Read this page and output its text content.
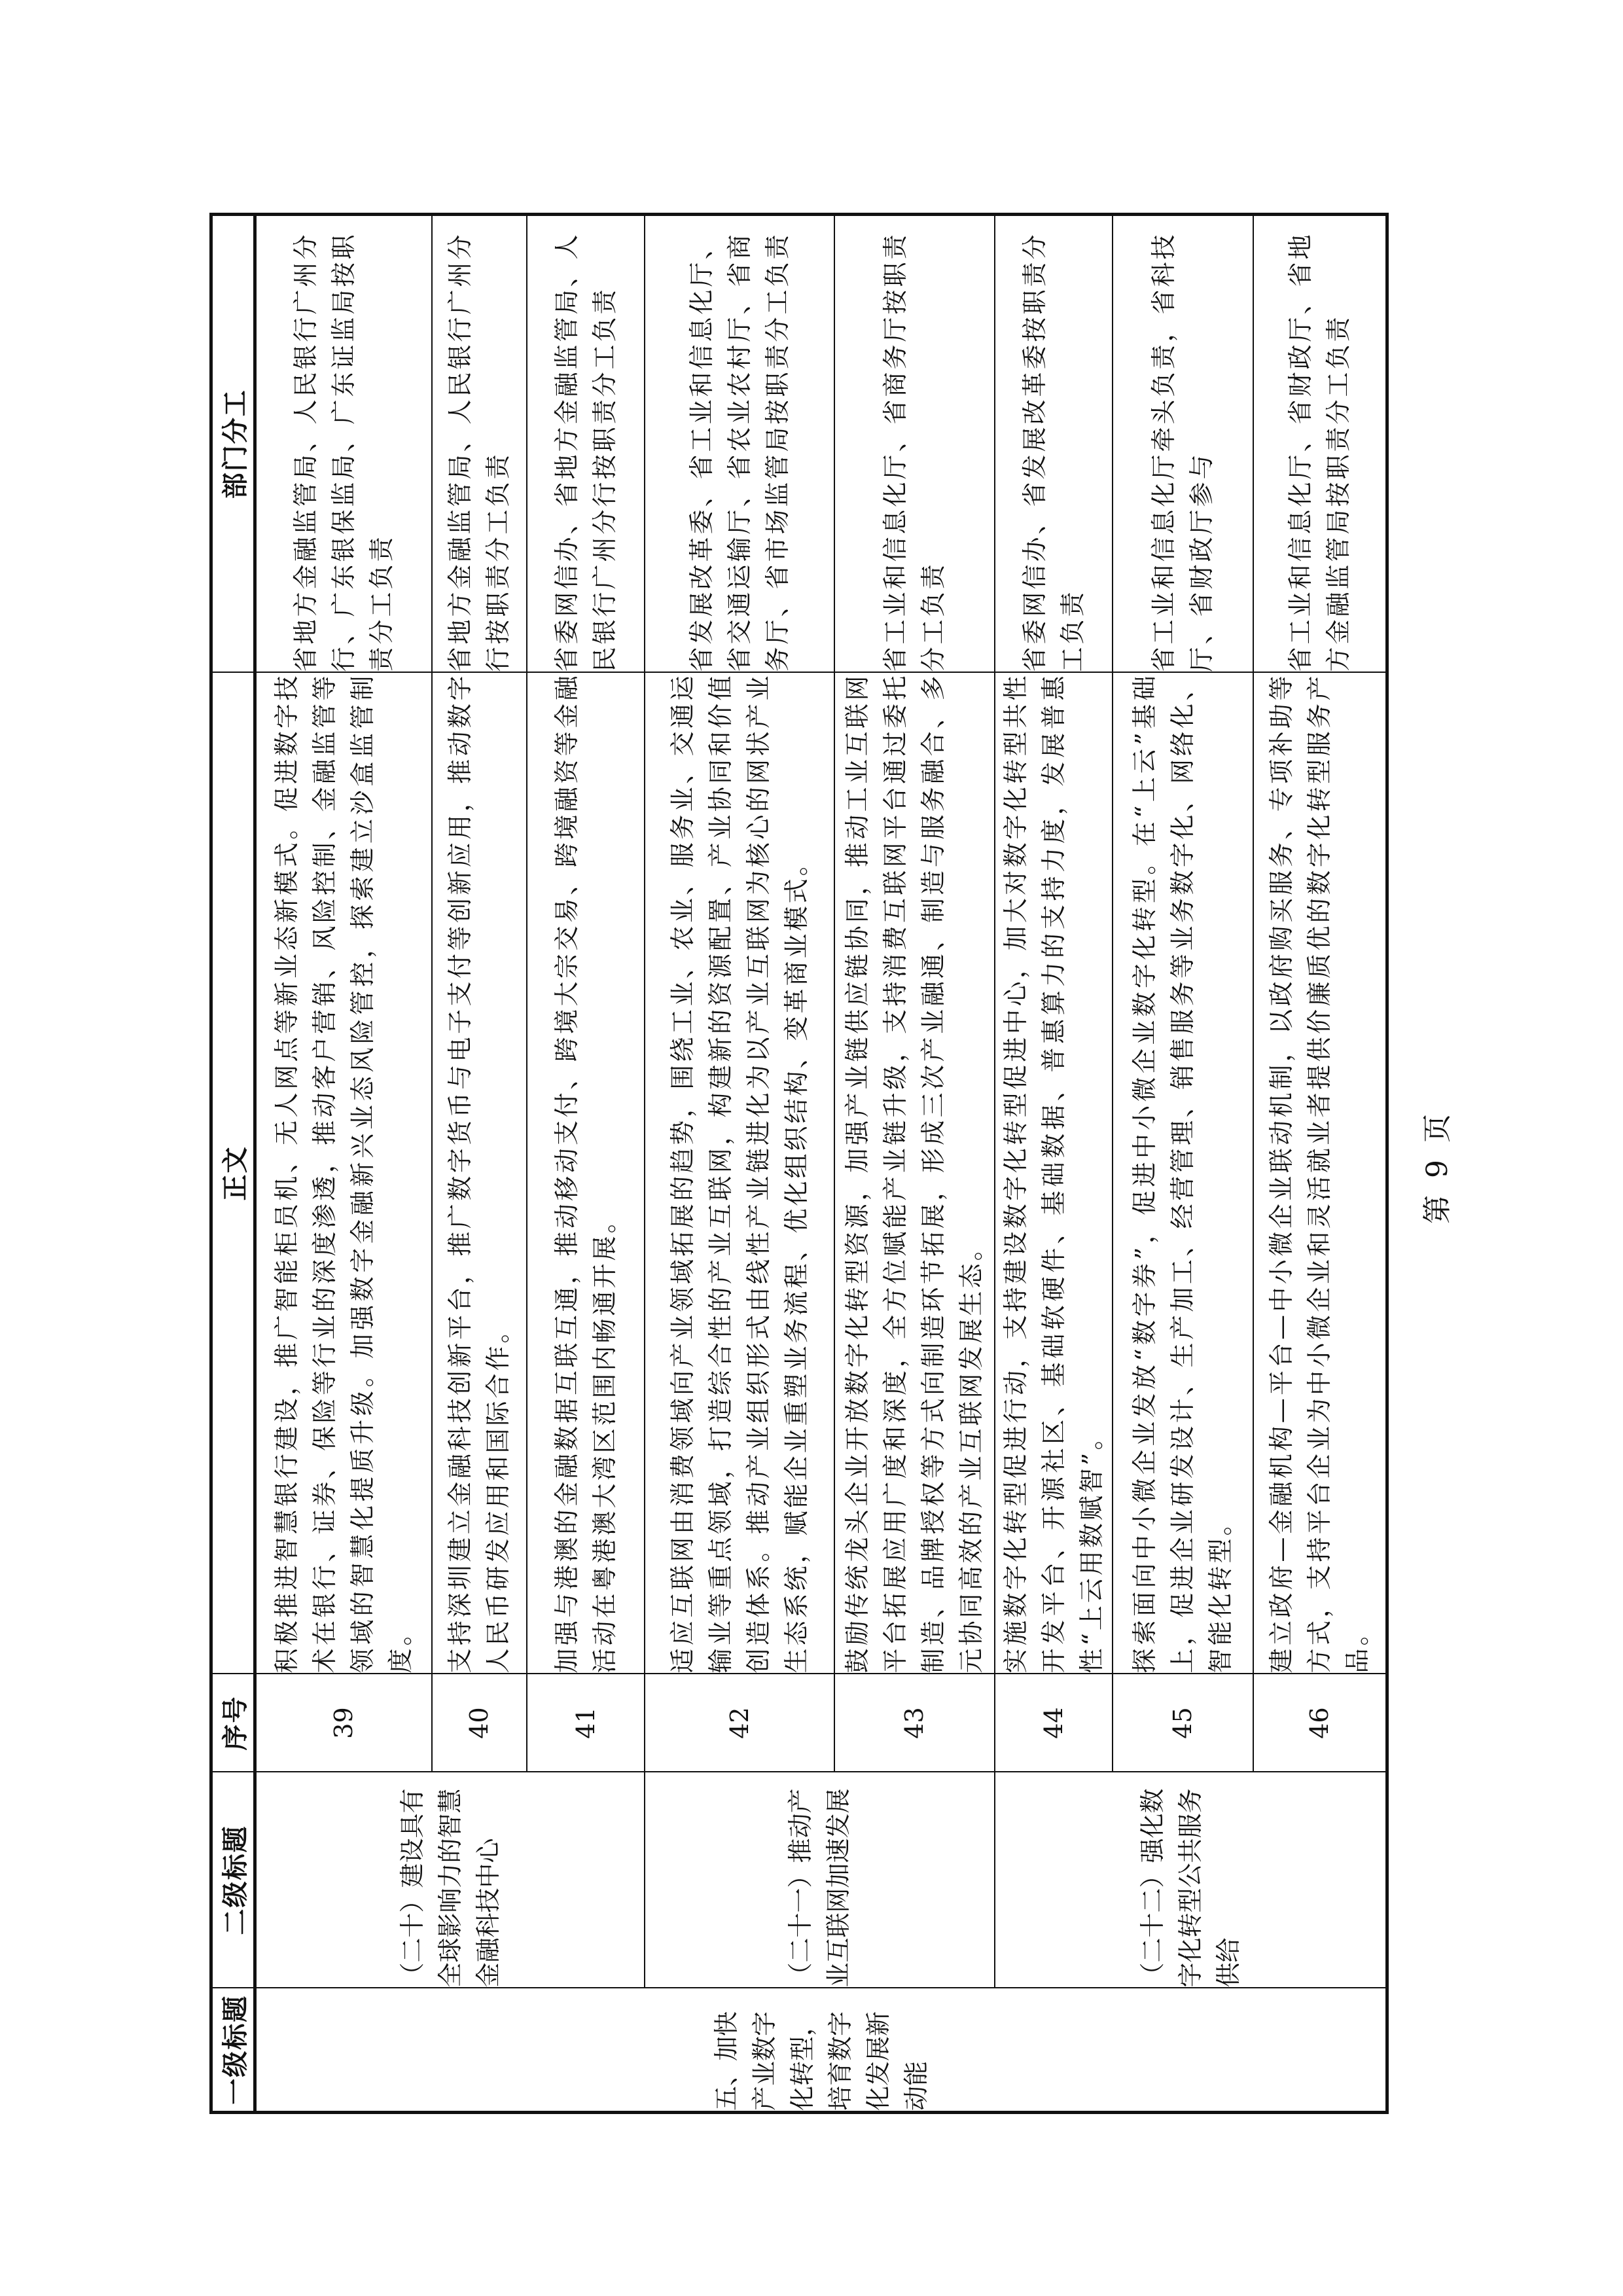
一级标题	二级标题	序号	正文	部门分工
五、加快产业数字化转型，培育数字化发展新动能	（二十）建设具有全球影响力的智慧金融科技中心	39	积极推进智慧银行建设，推广智能柜员机、无人网点等新业态新模式。促进数字技术在银行、证券、保险等行业的深度渗透，推动客户营销、风险控制、金融监管等领域的智慧化提质升级。加强数字金融新兴业态风险管控，探索建立沙盒监管制度。	省地方金融监管局、人民银行广州分行、广东银保监局、广东证监局按职责分工负责
		40	支持深圳建立金融科技创新平台，推广数字货币与电子支付等创新应用，推动数字人民币研发应用和国际合作。	省地方金融监管局、人民银行广州分行按职责分工负责
		41	加强与港澳的金融数据互联互通，推动移动支付、跨境大宗交易、跨境融资等金融活动在粤港澳大湾区范围内畅通开展。	省委网信办、省地方金融监管局、人民银行广州分行按职责分工负责
	（二十一）推动产业互联网加速发展	42	适应互联网由消费领域向产业领域拓展的趋势，围绕工业、农业、服务业、交通运输业等重点领域，打造综合性的产业互联网，构建新的资源配置、产业协同和价值创造体系。推动产业组织形式由线性产业链进化为以产业互联网为核心的网状产业生态系统，赋能企业重塑业务流程、优化组织结构、变革商业模式。	省发展改革委、省工业和信息化厅、省交通运输厅、省农业农村厅、省商务厅、省市场监管局按职责分工负责
		43	鼓励传统龙头企业开放数字化转型资源，加强产业链供应链协同，推动工业互联网平台拓展应用广度和深度，全方位赋能产业链升级，支持消费互联网平台通过委托制造、品牌授权等方式向制造环节拓展，形成三次产业融通、制造与服务融合、多元协同高效的产业互联网发展生态。	省工业和信息化厅、省商务厅按职责分工负责
	（二十二）强化数字化转型公共服务供给	44	实施数字化转型促进行动，支持建设数字化转型促进中心，加大对数字化转型共性开发平台、开源社区、基础软硬件、基础数据、普惠算力的支持力度，发展普惠性“上云用数赋智”。	省委网信办、省发展改革委按职责分工负责
		45	探索面向中小微企业发放“数字券”，促进中小微企业数字化转型。在“上云”基础上，促进企业研发设计、生产加工、经营管理、销售服务等业务数字化、网络化、智能化转型。	省工业和信息化厅牵头负责，省科技厅、省财政厅参与
		46	建立政府—金融机构—平台—中小微企业联动机制，以政府购买服务、专项补助等方式，支持平台企业为中小微企业和灵活就业者提供价廉质优的数字化转型服务产品。	省工业和信息化厅、省财政厅、省地方金融监管局按职责分工负责
第 9 页
